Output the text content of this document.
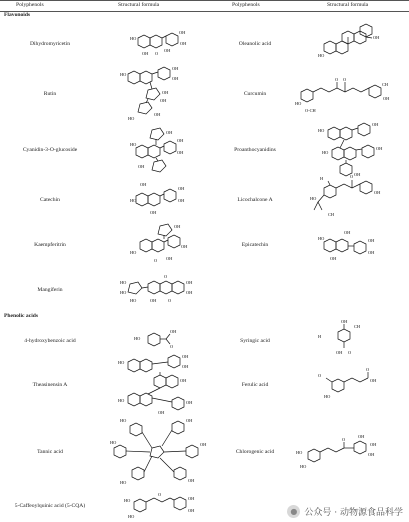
Polyphenols	Structural formula	Polyphenols	Structural formula
Flavonoids
Dihydromyricetin	Oleanolic acid
Rutin	Curcumin
Cyanidin-3-O-glucoside	Proanthocyanidins
Catechin	Licochalcone A
Kaempferitrin	Epicatechin
Mangiferin
Phenolic acids
4-hydroxybenzoic acid	Syringic acid
Theasinensin A	Ferulic acid
Tannic acid	Chlorogenic acid
5-Caffeoylquinic acid (5-CQA)
HO
OH
OH
OH
OH O	HO
OH
HO
OH
OH
OH
OH
HO
OH
O O
HO
O-CH
CH
OH
OH
OH
OH
HO
OH
HO
OH
OH
HO
OH
HO
OH
OH
OH
OH
O
OH
H
HO
CH
OH
OH
HO
O OH
HO
OH
OH
OH
OH
O
HO
HO
HO
OH
OH
OH	O
HO
OH
O
OH
H
CH
OH O
HO
OH
OH
OH
HO	OH
OH
O
OH
O
HO
HO	OH
OH
OH
HO
HO
O
OH
OH
OH
HO
HO
HO
HO
OH
OH
O
● 公众号 · 动物源食品科学
